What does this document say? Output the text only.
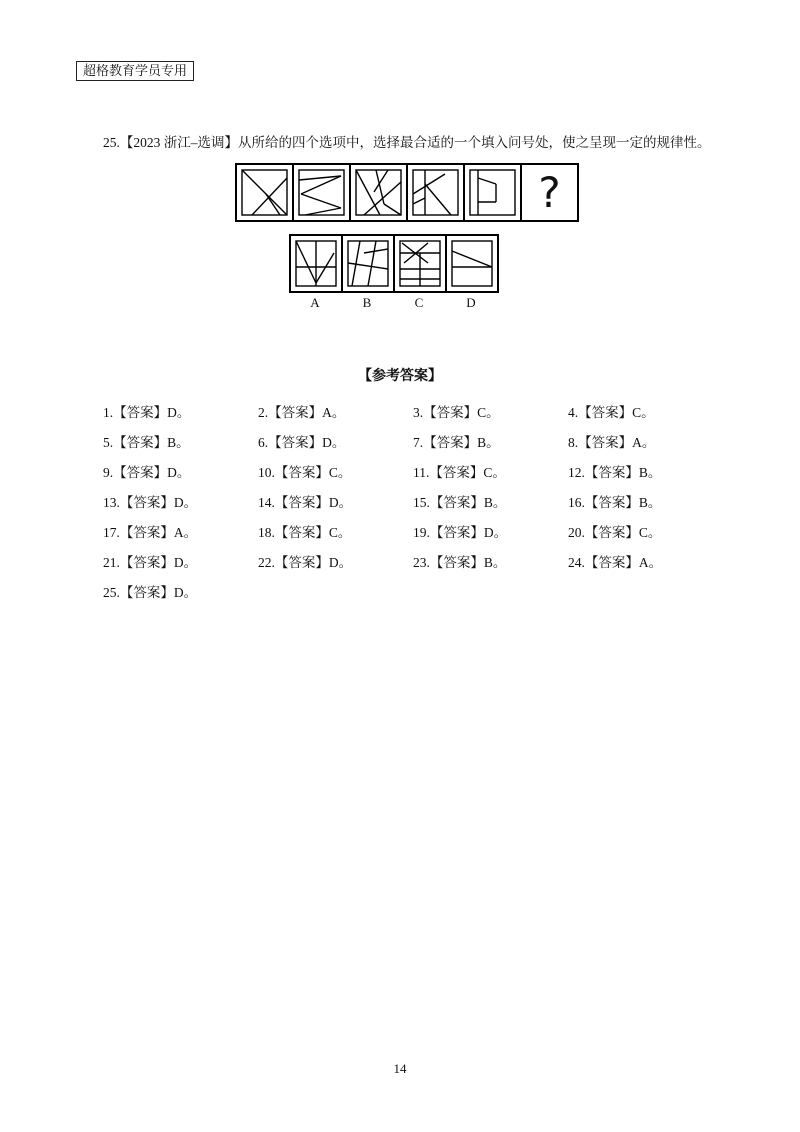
超格教育学员专用
25.【2023 浙江–选调】从所给的四个选项中，选择最合适的一个填入问号处，使之呈现一定的规律性。
?
A	B	C	D
【参考答案】
1.【答案】D。	2.【答案】A。	3.【答案】C。	4.【答案】C。
5.【答案】B。	6.【答案】D。	7.【答案】B。	8.【答案】A。
9.【答案】D。	10.【答案】C。	11.【答案】C。	12.【答案】B。
13.【答案】D。	14.【答案】D。	15.【答案】B。	16.【答案】B。
17.【答案】A。	18.【答案】C。	19.【答案】D。	20.【答案】C。
21.【答案】D。	22.【答案】D。	23.【答案】B。	24.【答案】A。
25.【答案】D。
14
